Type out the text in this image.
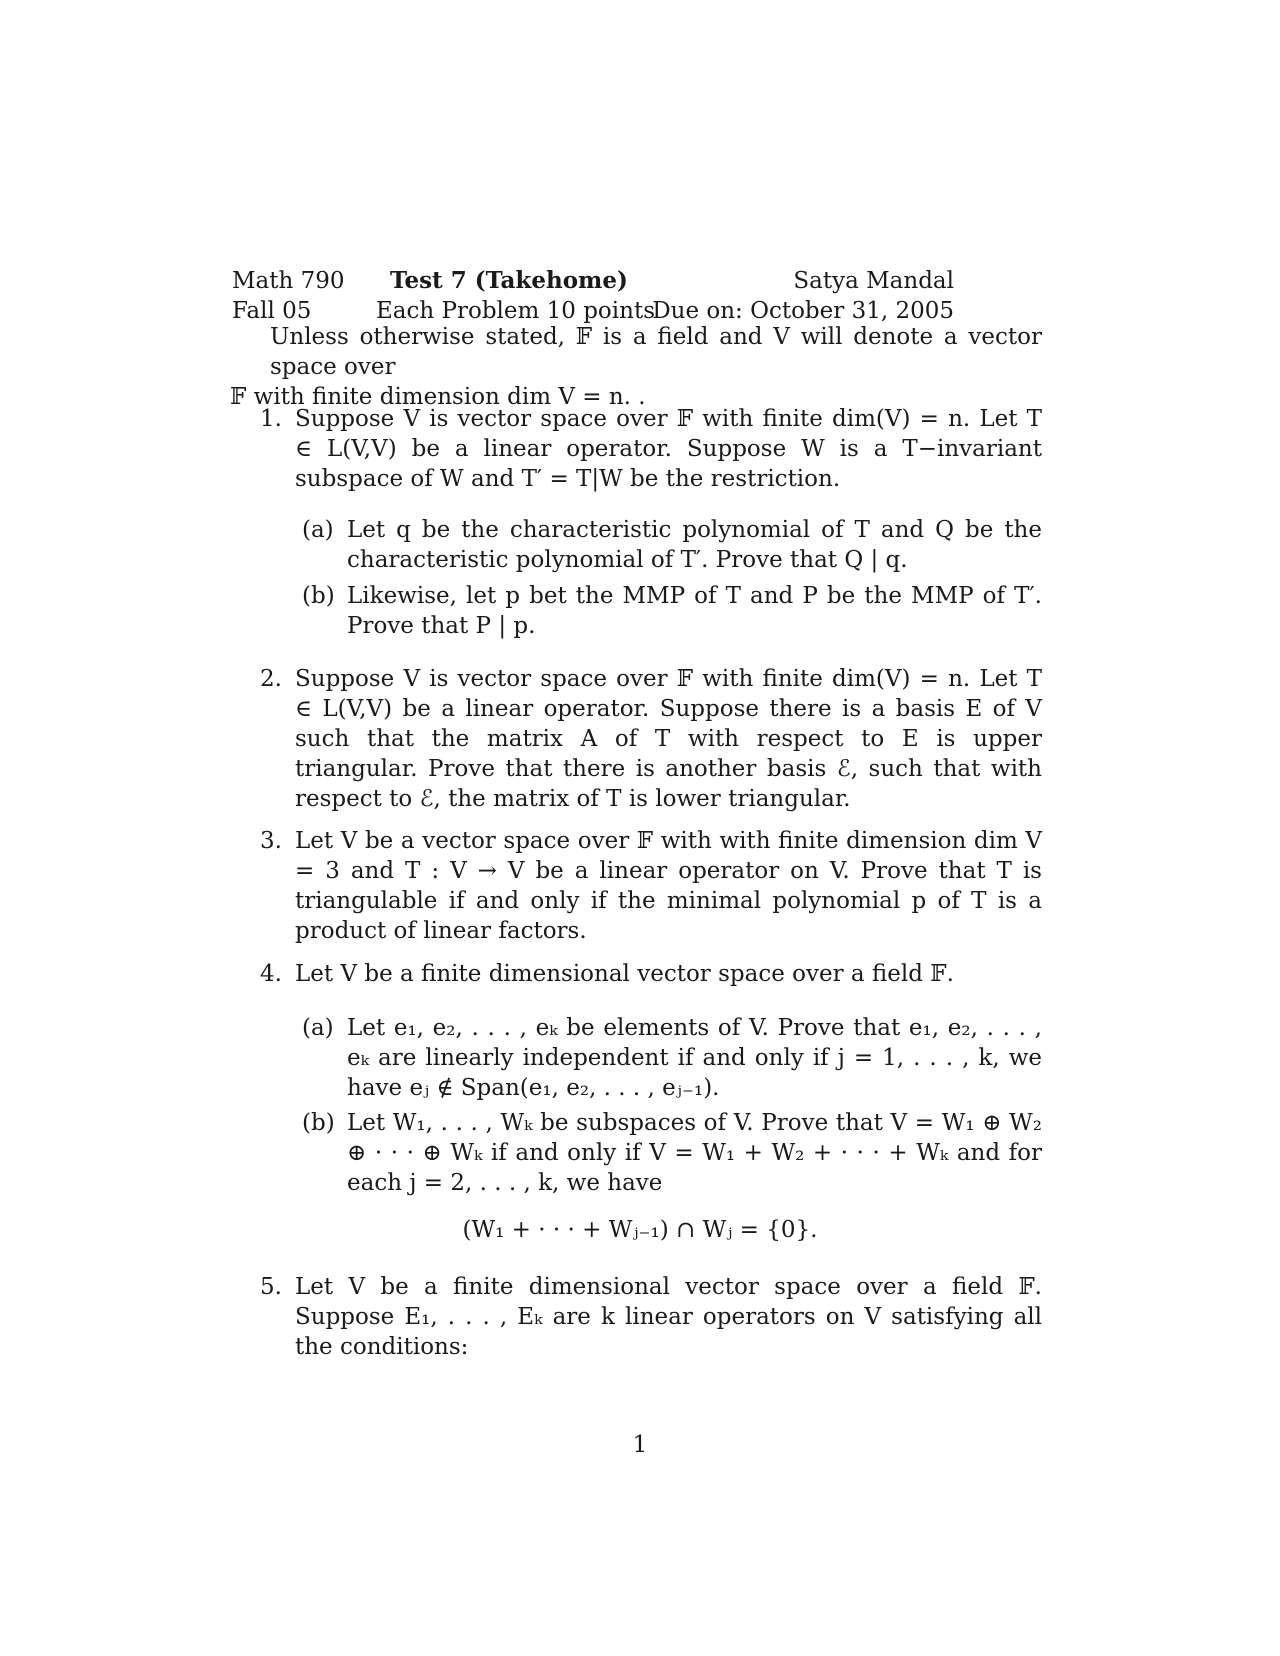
Math 790 Test 7 (Takehome)	Satya Mandal
Fall 05	Each Problem 10 points
Due on: October 31, 2005
Unless otherwise stated, 𝔽 is a field and V will denote a vector space over
𝔽 with finite dimension dim V = n. .
1. Suppose V is vector space over 𝔽 with finite dim(V) = n. Let T ∈ L(V,V) be a linear operator. Suppose W is a T−invariant subspace of W and T′ = T|W be the restriction.
(a) Let q be the characteristic polynomial of T and Q be the characteristic polynomial of T′. Prove that Q | q.
(b) Likewise, let p bet the MMP of T and P be the MMP of T′. Prove that P | p.
2. Suppose V is vector space over 𝔽 with finite dim(V) = n. Let T ∈ L(V,V) be a linear operator. Suppose there is a basis E of V such that the matrix A of T with respect to E is upper triangular. Prove that there is another basis ℰ, such that with respect to ℰ, the matrix of T is lower triangular.
3. Let V be a vector space over 𝔽 with with finite dimension dim V = 3 and T : V → V be a linear operator on V. Prove that T is triangulable if and only if the minimal polynomial p of T is a product of linear factors.
4. Let V be a finite dimensional vector space over a field 𝔽.
(a) Let e₁, e₂, . . . , eₖ be elements of V. Prove that e₁, e₂, . . . , eₖ are linearly independent if and only if j = 1, . . . , k, we have eⱼ ∉ Span(e₁, e₂, . . . , eⱼ₋₁).
(b) Let W₁, . . . , Wₖ be subspaces of V. Prove that V = W₁ ⊕ W₂ ⊕ · · · ⊕ Wₖ if and only if V = W₁ + W₂ + · · · + Wₖ and for each j = 2, . . . , k, we have
(W₁ + · · · + Wⱼ₋₁) ∩ Wⱼ = {0}.
5. Let V be a finite dimensional vector space over a field 𝔽. Suppose E₁, . . . , Eₖ are k linear operators on V satisfying all the conditions:
1
